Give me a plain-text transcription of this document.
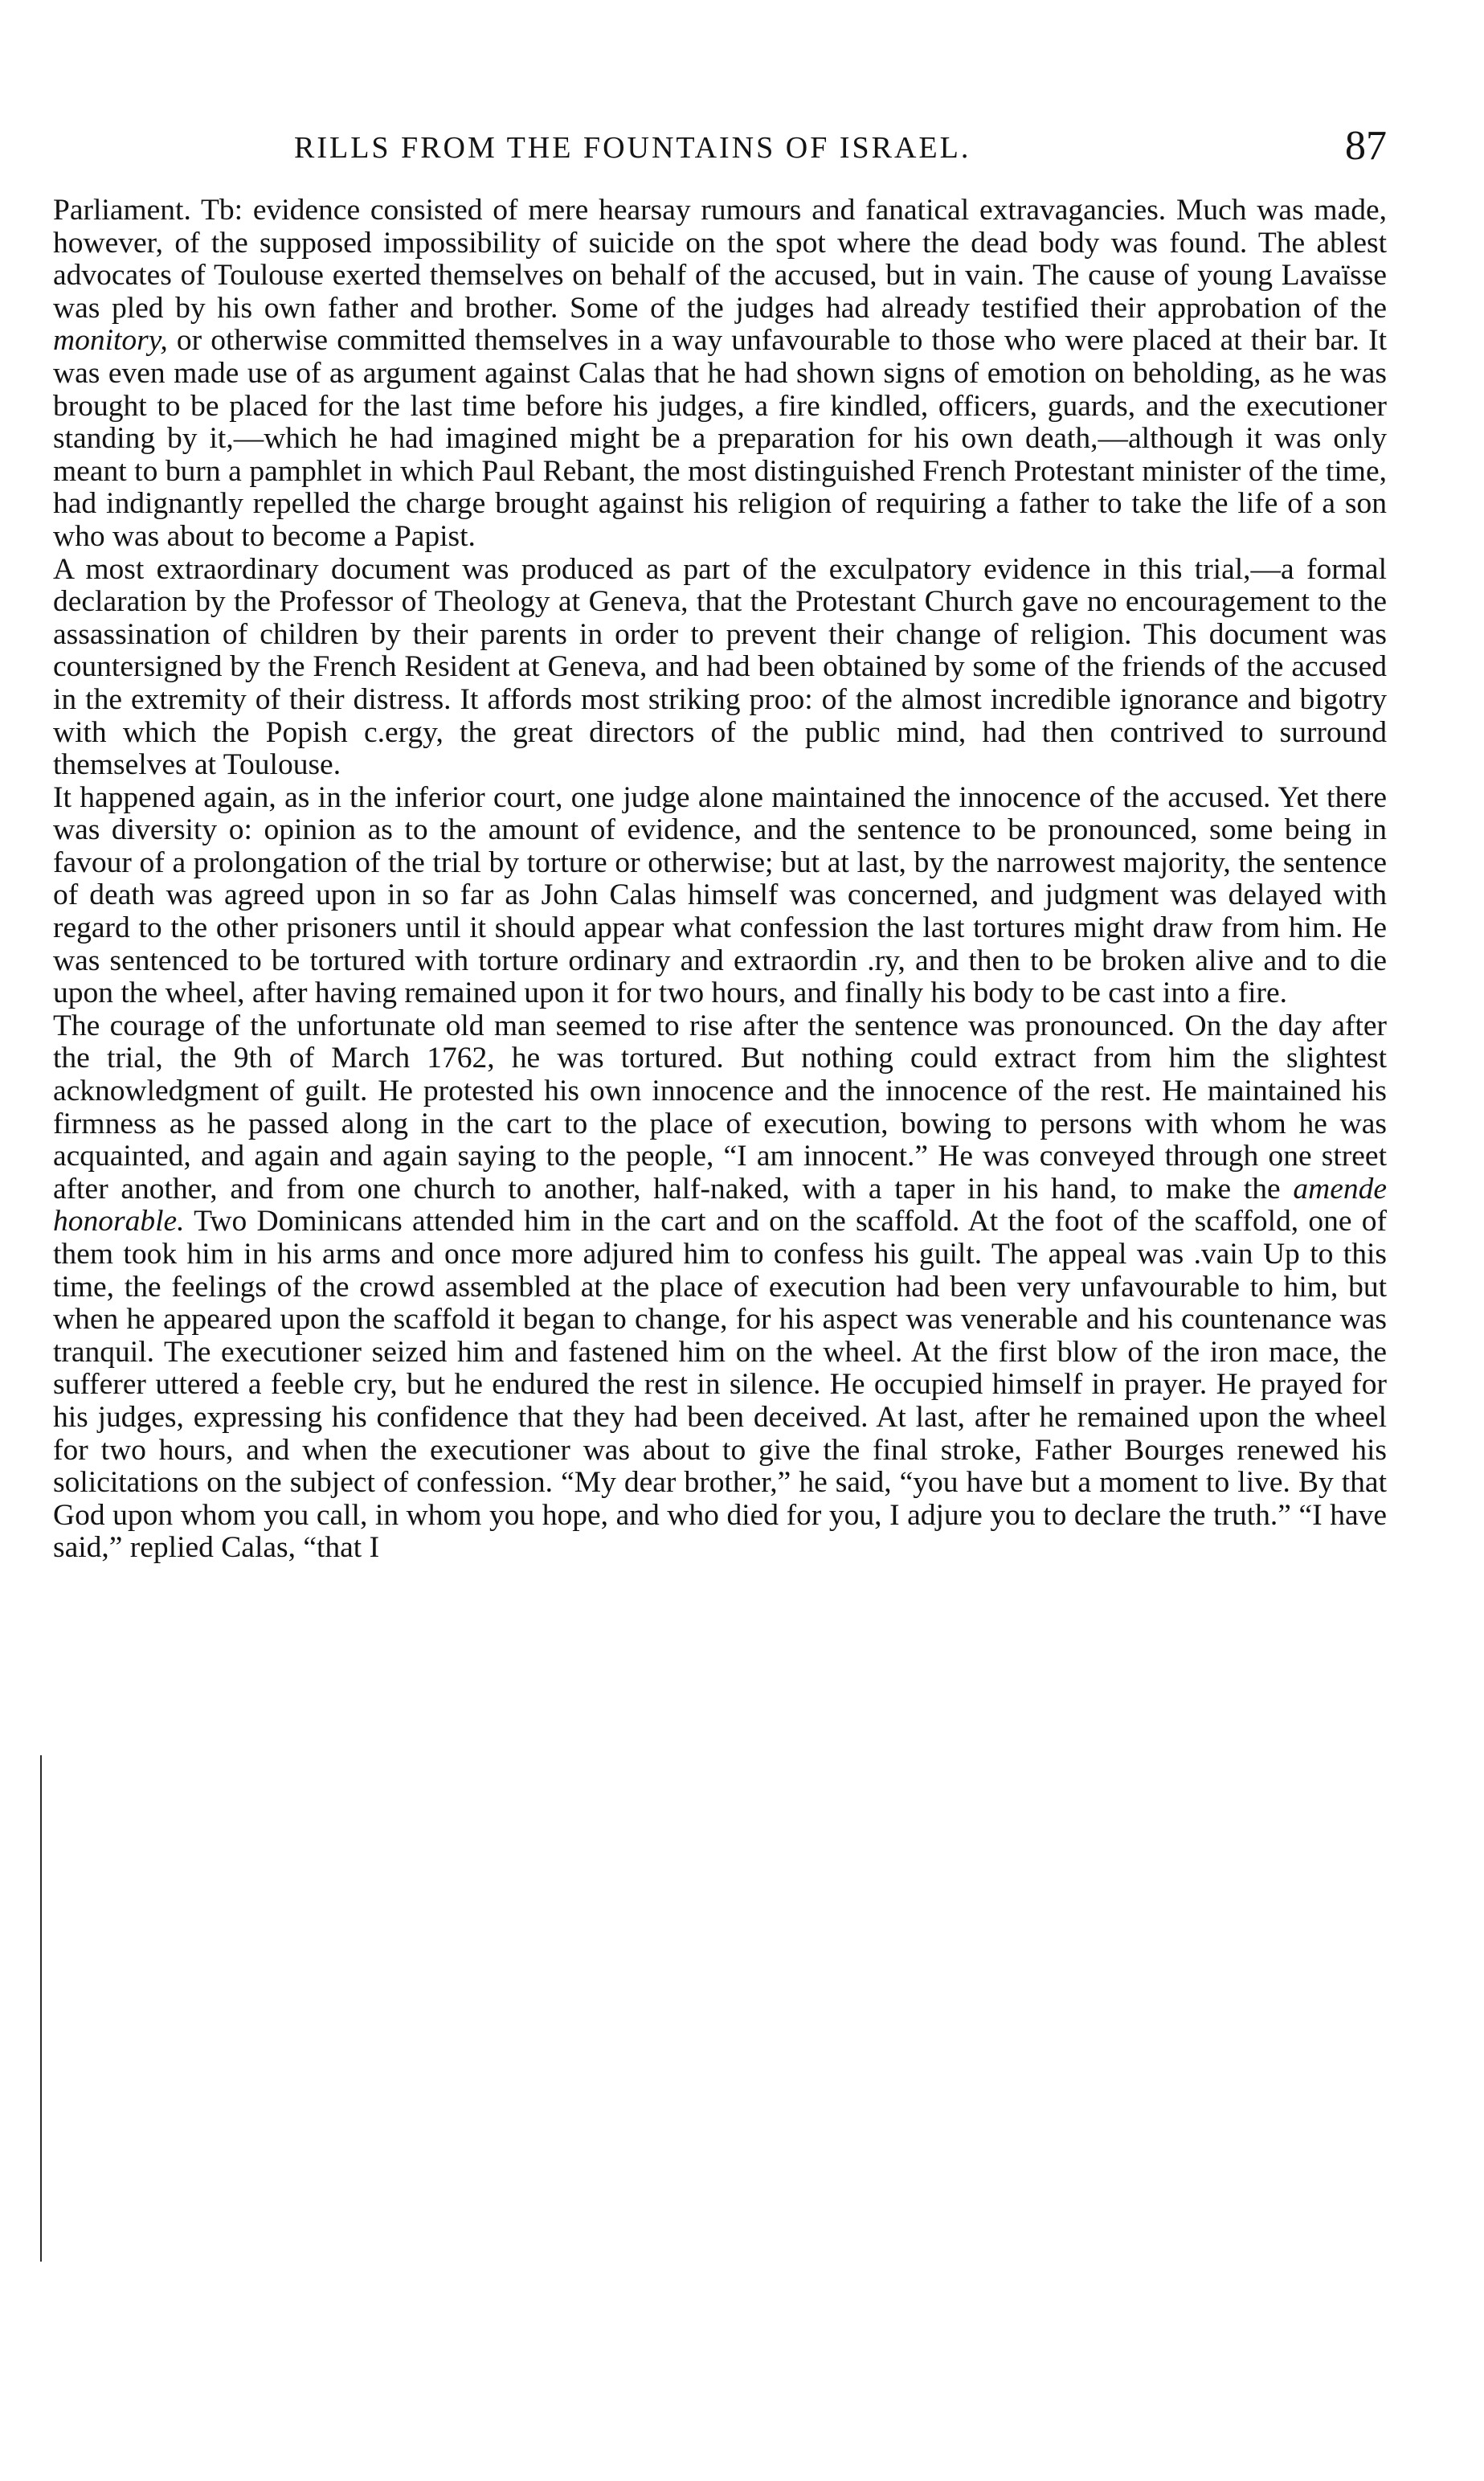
RILLS FROM THE FOUNTAINS OF ISRAEL.	87

Parliament. Tb: evidence consisted of mere hearsay rumours and fanatical extravagancies. Much was made, however, of the supposed impossibility of suicide on the spot where the dead body was found. The ablest advocates of Toulouse exerted themselves on behalf of the accused, but in vain. The cause of young Lavaïsse was pled by his own father and brother. Some of the judges had already testified their approbation of the monitory, or otherwise committed themselves in a way unfavourable to those who were placed at their bar. It was even made use of as argument against Calas that he had shown signs of emotion on beholding, as he was brought to be placed for the last time before his judges, a fire kindled, officers, guards, and the executioner standing by it,—which he had imagined might be a preparation for his own death,—although it was only meant to burn a pamphlet in which Paul Rebant, the most distinguished French Protestant minister of the time, had indignantly repelled the charge brought against his religion of requiring a father to take the life of a son who was about to become a Papist.

A most extraordinary document was produced as part of the exculpatory evidence in this trial,—a formal declaration by the Professor of Theology at Geneva, that the Protestant Church gave no encouragement to the assassination of children by their parents in order to prevent their change of religion. This document was countersigned by the French Resident at Geneva, and had been obtained by some of the friends of the accused in the extremity of their distress. It affords most striking proo: of the almost incredible ignorance and bigotry with which the Popish c.ergy, the great directors of the public mind, had then contrived to surround themselves at Toulouse.

It happened again, as in the inferior court, one judge alone maintained the innocence of the accused. Yet there was diversity o: opinion as to the amount of evidence, and the sentence to be pronounced, some being in favour of a prolongation of the trial by torture or otherwise; but at last, by the narrowest majority, the sentence of death was agreed upon in so far as John Calas himself was concerned, and judgment was delayed with regard to the other prisoners until it should appear what confession the last tortures might draw from him. He was sentenced to be tortured with torture ordinary and extraordin .ry, and then to be broken alive and to die upon the wheel, after having remained upon it for two hours, and finally his body to be cast into a fire.

The courage of the unfortunate old man seemed to rise after the sentence was pronounced. On the day after the trial, the 9th of March 1762, he was tortured. But nothing could extract from him the slightest acknowledgment of guilt. He protested his own innocence and the innocence of the rest. He maintained his firmness as he passed along in the cart to the place of execution, bowing to persons with whom he was acquainted, and again and again saying to the people, “I am innocent.” He was conveyed through one street after another, and from one church to another, half-naked, with a taper in his hand, to make the amende honorable. Two Dominicans attended him in the cart and on the scaffold. At the foot of the scaffold, one of them took him in his arms and once more adjured him to confess his guilt. The appeal was .vain Up to this time, the feelings of the crowd assembled at the place of execution had been very unfavourable to him, but when he appeared upon the scaffold it began to change, for his aspect was venerable and his countenance was tranquil. The executioner seized him and fastened him on the wheel. At the first blow of the iron mace, the sufferer uttered a feeble cry, but he endured the rest in silence. He occupied himself in prayer. He prayed for his judges, expressing his confidence that they had been deceived. At last, after he remained upon the wheel for two hours, and when the executioner was about to give the final stroke, Father Bourges renewed his solicitations on the subject of confession. “My dear brother,” he said, “you have but a moment to live. By that God upon whom you call, in whom you hope, and who died for you, I adjure you to declare the truth.” “I have said,” replied Calas, “that I
